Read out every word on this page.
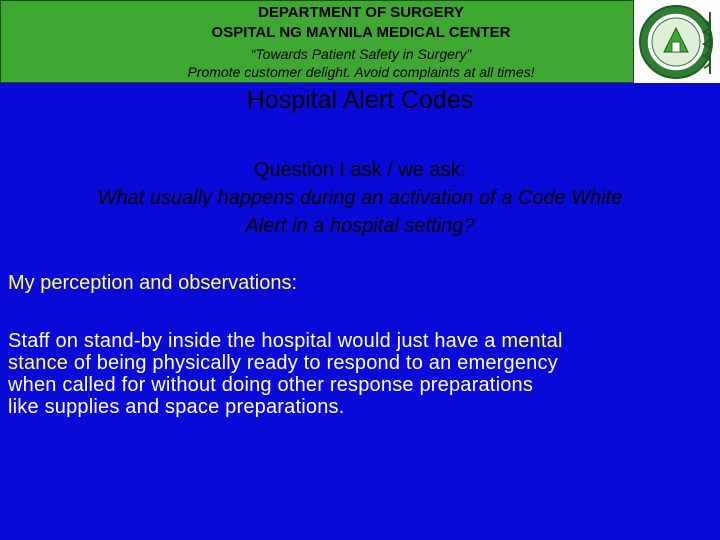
DEPARTMENT OF SURGERY
OSPITAL NG MAYNILA MEDICAL CENTER
“Towards Patient Safety in Surgery”
Promote customer delight. Avoid complaints at all times!
Hospital Alert Codes
Question I ask / we ask:
What usually happens during an activation of a Code White
Alert in a hospital setting?
My perception and observations:
Staff on stand-by inside the hospital would just have a mental
stance of being physically ready to respond to an emergency
when called for without doing other response preparations
like supplies and space preparations.
